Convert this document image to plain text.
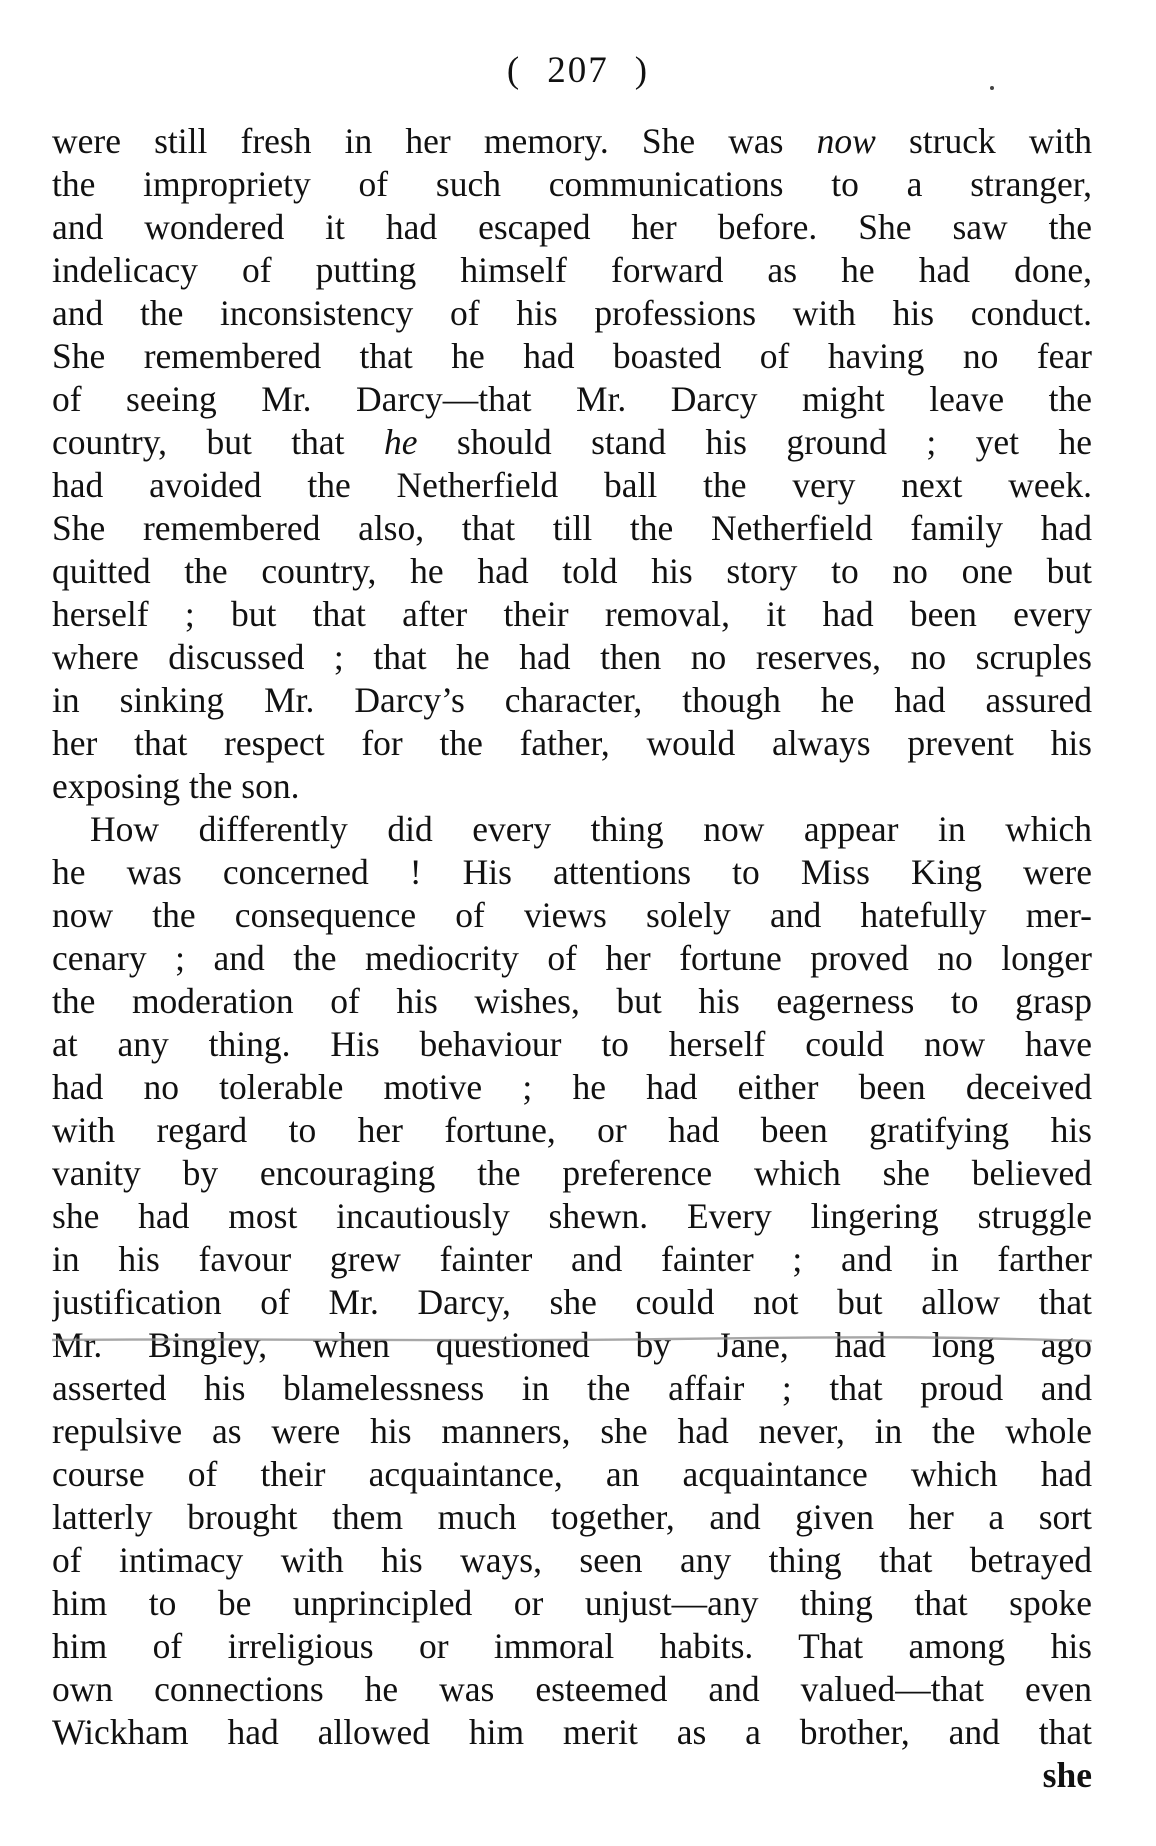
( 207 )
were still fresh in her memory. She was now struck with
the impropriety of such communications to a stranger,
and wondered it had escaped her before. She saw the
indelicacy of putting himself forward as he had done,
and the inconsistency of his professions with his conduct.
She remembered that he had boasted of having no fear
of seeing Mr. Darcy—that Mr. Darcy might leave the
country, but that he should stand his ground ; yet he
had avoided the Netherfield ball the very next week.
She remembered also, that till the Netherfield family had
quitted the country, he had told his story to no one but
herself ; but that after their removal, it had been every
where discussed ; that he had then no reserves, no scruples
in sinking Mr. Darcy’s character, though he had assured
her that respect for the father, would always prevent his
exposing the son.
How differently did every thing now appear in which
he was concerned ! His attentions to Miss King were
now the consequence of views solely and hatefully mer-
cenary ; and the mediocrity of her fortune proved no longer
the moderation of his wishes, but his eagerness to grasp
at any thing. His behaviour to herself could now have
had no tolerable motive ; he had either been deceived
with regard to her fortune, or had been gratifying his
vanity by encouraging the preference which she believed
she had most incautiously shewn. Every lingering struggle
in his favour grew fainter and fainter ; and in farther
justification of Mr. Darcy, she could not but allow that
Mr. Bingley, when questioned by Jane, had long ago
asserted his blamelessness in the affair ; that proud and
repulsive as were his manners, she had never, in the whole
course of their acquaintance, an acquaintance which had
latterly brought them much together, and given her a sort
of intimacy with his ways, seen any thing that betrayed
him to be unprincipled or unjust—any thing that spoke
him of irreligious or immoral habits. That among his
own connections he was esteemed and valued—that even
Wickham had allowed him merit as a brother, and that
she
